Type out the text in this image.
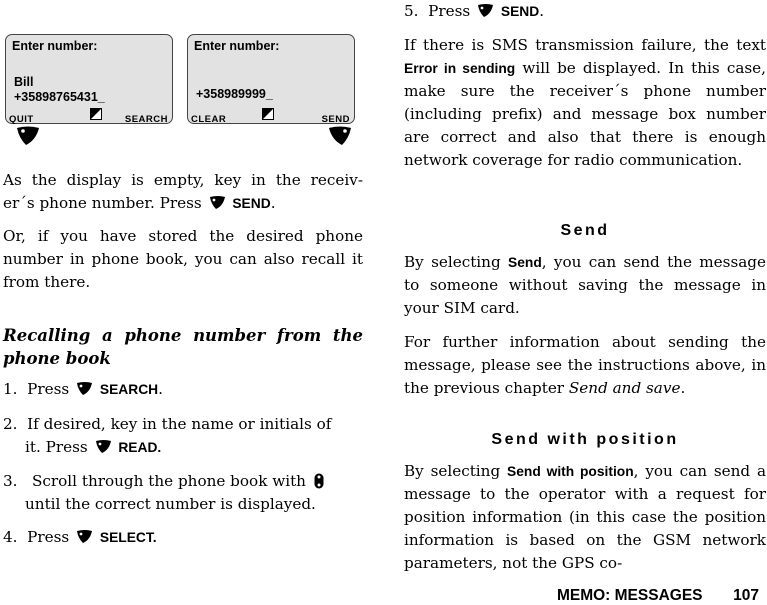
Enter number:
Bill
+35898765431_
QUIT	SEARCH
Enter number:
+358989999_
CLEAR	SEND

As the display is empty, key in the receiv-

er´s phone number. Press SEND.

Or, if you have stored the desired phone number in phone book, you can also recall it from there.

Recalling a phone number from the phone book

1. Press SEARCH.
2. If desired, key in the name or initials of
it. Press READ.
3. Scroll through the phone book with
until the correct number is displayed.
4. Press SELECT.
5. Press SEND.

If there is SMS transmission failure, the text Error in sending will be displayed. In this case, make sure the receiver´s phone number (including prefix) and message box number are correct and also that there is enough network coverage for radio communication.

Send

By selecting Send, you can send the message to someone without saving the message in your SIM card.

For further information about sending the message, please see the instructions above, in the previous chapter Send and save.

Send with position

By selecting Send with position, you can send a message to the operator with a request for position information (in this case the position information is based on the GSM network parameters, not the GPS co-

MEMO: MESSAGES 107
